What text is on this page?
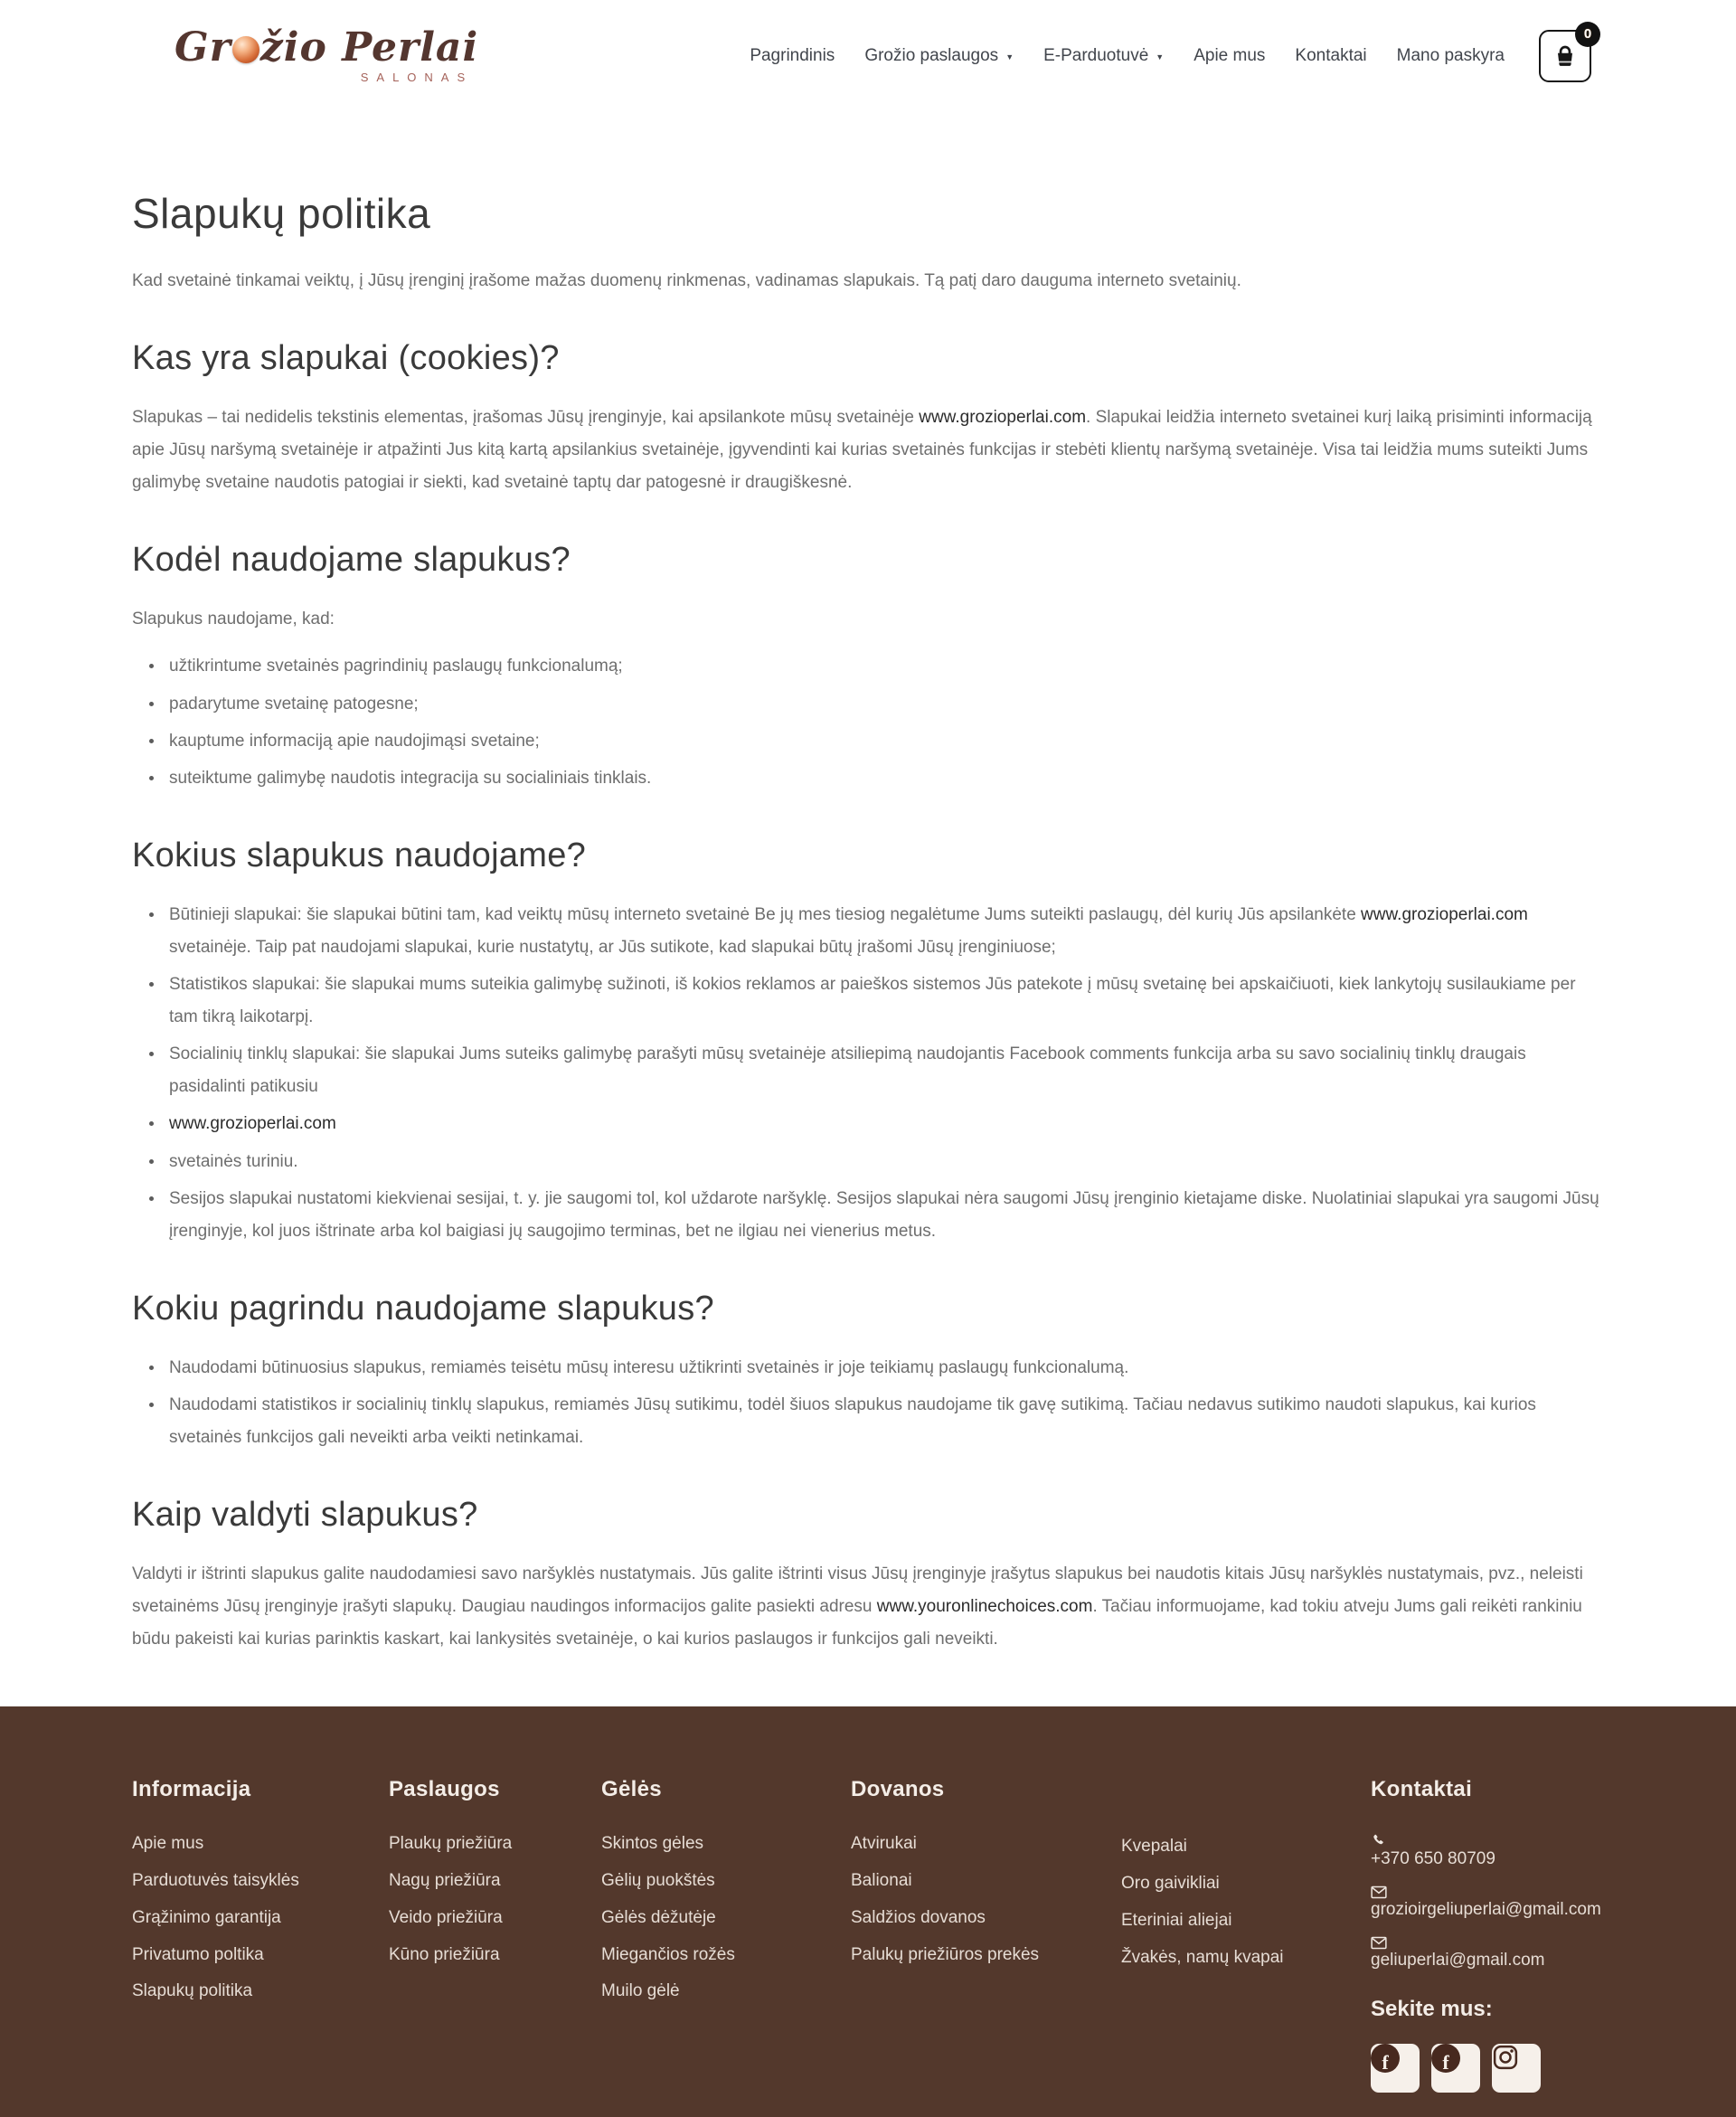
Gr žio Perlai
SALONAS
Pagrindinis Grožio paslaugos ▼ E-Parduotuvė ▼ Apie mus Kontaktai Mano paskyra
0
Slapukų politika

Kad svetainė tinkamai veiktų, į Jūsų įrenginį įrašome mažas duomenų rinkmenas, vadinamas slapukais. Tą patį daro dauguma interneto svetainių.

Kas yra slapukai (cookies)?

Slapukas – tai nedidelis tekstinis elementas, įrašomas Jūsų įrenginyje, kai apsilankote mūsų svetainėje www.grozioperlai.com. Slapukai leidžia interneto svetainei kurį laiką prisiminti informaciją apie Jūsų naršymą svetainėje ir atpažinti Jus kitą kartą apsilankius svetainėje, įgyvendinti kai kurias svetainės funkcijas ir stebėti klientų naršymą svetainėje. Visa tai leidžia mums suteikti Jums galimybę svetaine naudotis patogiai ir siekti, kad svetainė taptų dar patogesnė ir draugiškesnė.

Kodėl naudojame slapukus?

Slapukus naudojame, kad:

užtikrintume svetainės pagrindinių paslaugų funkcionalumą;
padarytume svetainę patogesne;
kauptume informaciją apie naudojimąsi svetaine;
suteiktume galimybę naudotis integracija su socialiniais tinklais.
Kokius slapukus naudojame?
Būtinieji slapukai: šie slapukai būtini tam, kad veiktų mūsų interneto svetainė Be jų mes tiesiog negalėtume Jums suteikti paslaugų, dėl kurių Jūs apsilankėte www.grozioperlai.com svetainėje. Taip pat naudojami slapukai, kurie nustatytų, ar Jūs sutikote, kad slapukai būtų įrašomi Jūsų įrenginiuose;
Statistikos slapukai: šie slapukai mums suteikia galimybę sužinoti, iš kokios reklamos ar paieškos sistemos Jūs patekote į mūsų svetainę bei apskaičiuoti, kiek lankytojų susilaukiame per tam tikrą laikotarpį.
Socialinių tinklų slapukai: šie slapukai Jums suteiks galimybę parašyti mūsų svetainėje atsiliepimą naudojantis Facebook comments funkcija arba su savo socialinių tinklų draugais pasidalinti patikusiu
www.grozioperlai.com
svetainės turiniu.
Sesijos slapukai nustatomi kiekvienai sesijai, t. y. jie saugomi tol, kol uždarote naršyklę. Sesijos slapukai nėra saugomi Jūsų įrenginio kietajame diske. Nuolatiniai slapukai yra saugomi Jūsų įrenginyje, kol juos ištrinate arba kol baigiasi jų saugojimo terminas, bet ne ilgiau nei vienerius metus.
Kokiu pagrindu naudojame slapukus?
Naudodami būtinuosius slapukus, remiamės teisėtu mūsų interesu užtikrinti svetainės ir joje teikiamų paslaugų funkcionalumą.
Naudodami statistikos ir socialinių tinklų slapukus, remiamės Jūsų sutikimu, todėl šiuos slapukus naudojame tik gavę sutikimą. Tačiau nedavus sutikimo naudoti slapukus, kai kurios svetainės funkcijos gali neveikti arba veikti netinkamai.
Kaip valdyti slapukus?

Valdyti ir ištrinti slapukus galite naudodamiesi savo naršyklės nustatymais. Jūs galite ištrinti visus Jūsų įrenginyje įrašytus slapukus bei naudotis kitais Jūsų naršyklės nustatymais, pvz., neleisti svetainėms Jūsų įrenginyje įrašyti slapukų. Daugiau naudingos informacijos galite pasiekti adresu www.youronlinechoices.com. Tačiau informuojame, kad tokiu atveju Jums gali reikėti rankiniu būdu pakeisti kai kurias parinktis kaskart, kai lankysitės svetainėje, o kai kurios paslaugos ir funkcijos gali neveikti.

Informacija
Apie mus
Parduotuvės taisyklės
Grąžinimo garantija
Privatumo poltika
Slapukų politika
Paslaugos
Plaukų priežiūra
Nagų priežiūra
Veido priežiūra
Kūno priežiūra
Gėlės
Skintos gėles
Gėlių puokštės
Gėlės dėžutėje
Miegančios rožės
Muilo gėlė
Dovanos
Atvirukai
Balionai
Saldžios dovanos
Palukų priežiūros prekės
Kvepalai
Oro gaivikliai
Eteriniai aliejai
Žvakės, namų kvapai
Kontaktai
+370 650 80709
grozioirgeliuperlai@gmail.com
geliuperlai@gmail.com
Sekite mus:
f	f
